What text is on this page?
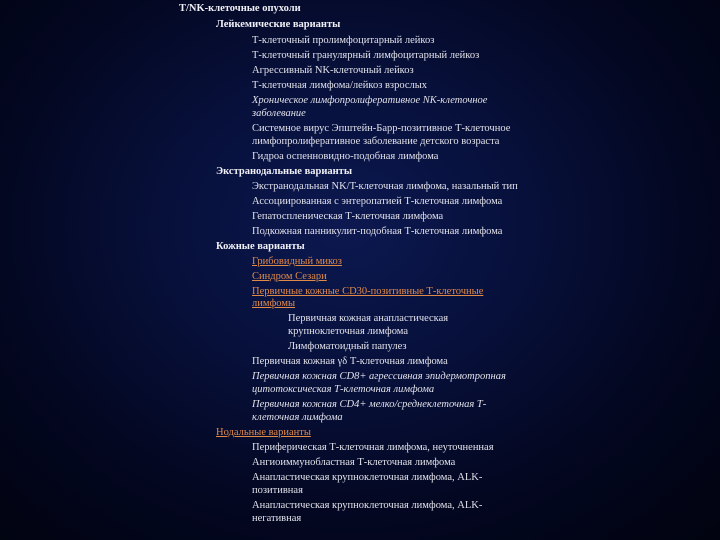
T/NK-клеточные опухоли

Лейкемические варианты

Т-клеточный пролимфоцитарный лейкоз

Т-клеточный гранулярный лимфоцитарный лейкоз

Агрессивный NK-клеточный лейкоз

Т-клеточная лимфома/лейкоз взрослых

Хроническое лимфопролиферативное NK-клеточное

заболевание

Системное вирус Эпштейн-Барр-позитивное Т-клеточное

лимфопролиферативное заболевание детского возраста

Гидроа оспенновидно-подобная лимфома

Экстранодальные варианты

Экстранодальная NK/T-клеточная лимфома, назальный тип

Ассоциированная с энтеропатией Т-клеточная лимфома

Гепатоспленическая Т-клеточная лимфома

Подкожная панникулит-подобная Т-клеточная лимфома

Кожные варианты

Грибовидный микоз

Синдром Сезари

Первичные кожные CD30-позитивные Т-клеточные

лимфомы

Первичная кожная анапластическая

крупноклеточная лимфома

Лимфоматоидный папулез

Первичная кожная γδ Т-клеточная лимфома

Первичная кожная CD8+ агрессивная эпидермотропная

цитотоксическая Т-клеточная лимфома

Первичная кожная CD4+ мелко/среднеклеточная Т-

клеточная лимфома

Нодальные варианты

Периферическая Т-клеточная лимфома, неуточненная

Ангиоиммунобластная Т-клеточная лимфома

Анапластическая крупноклеточная лимфома, ALK-

позитивная

Анапластическая крупноклеточная лимфома, ALK-

негативная
